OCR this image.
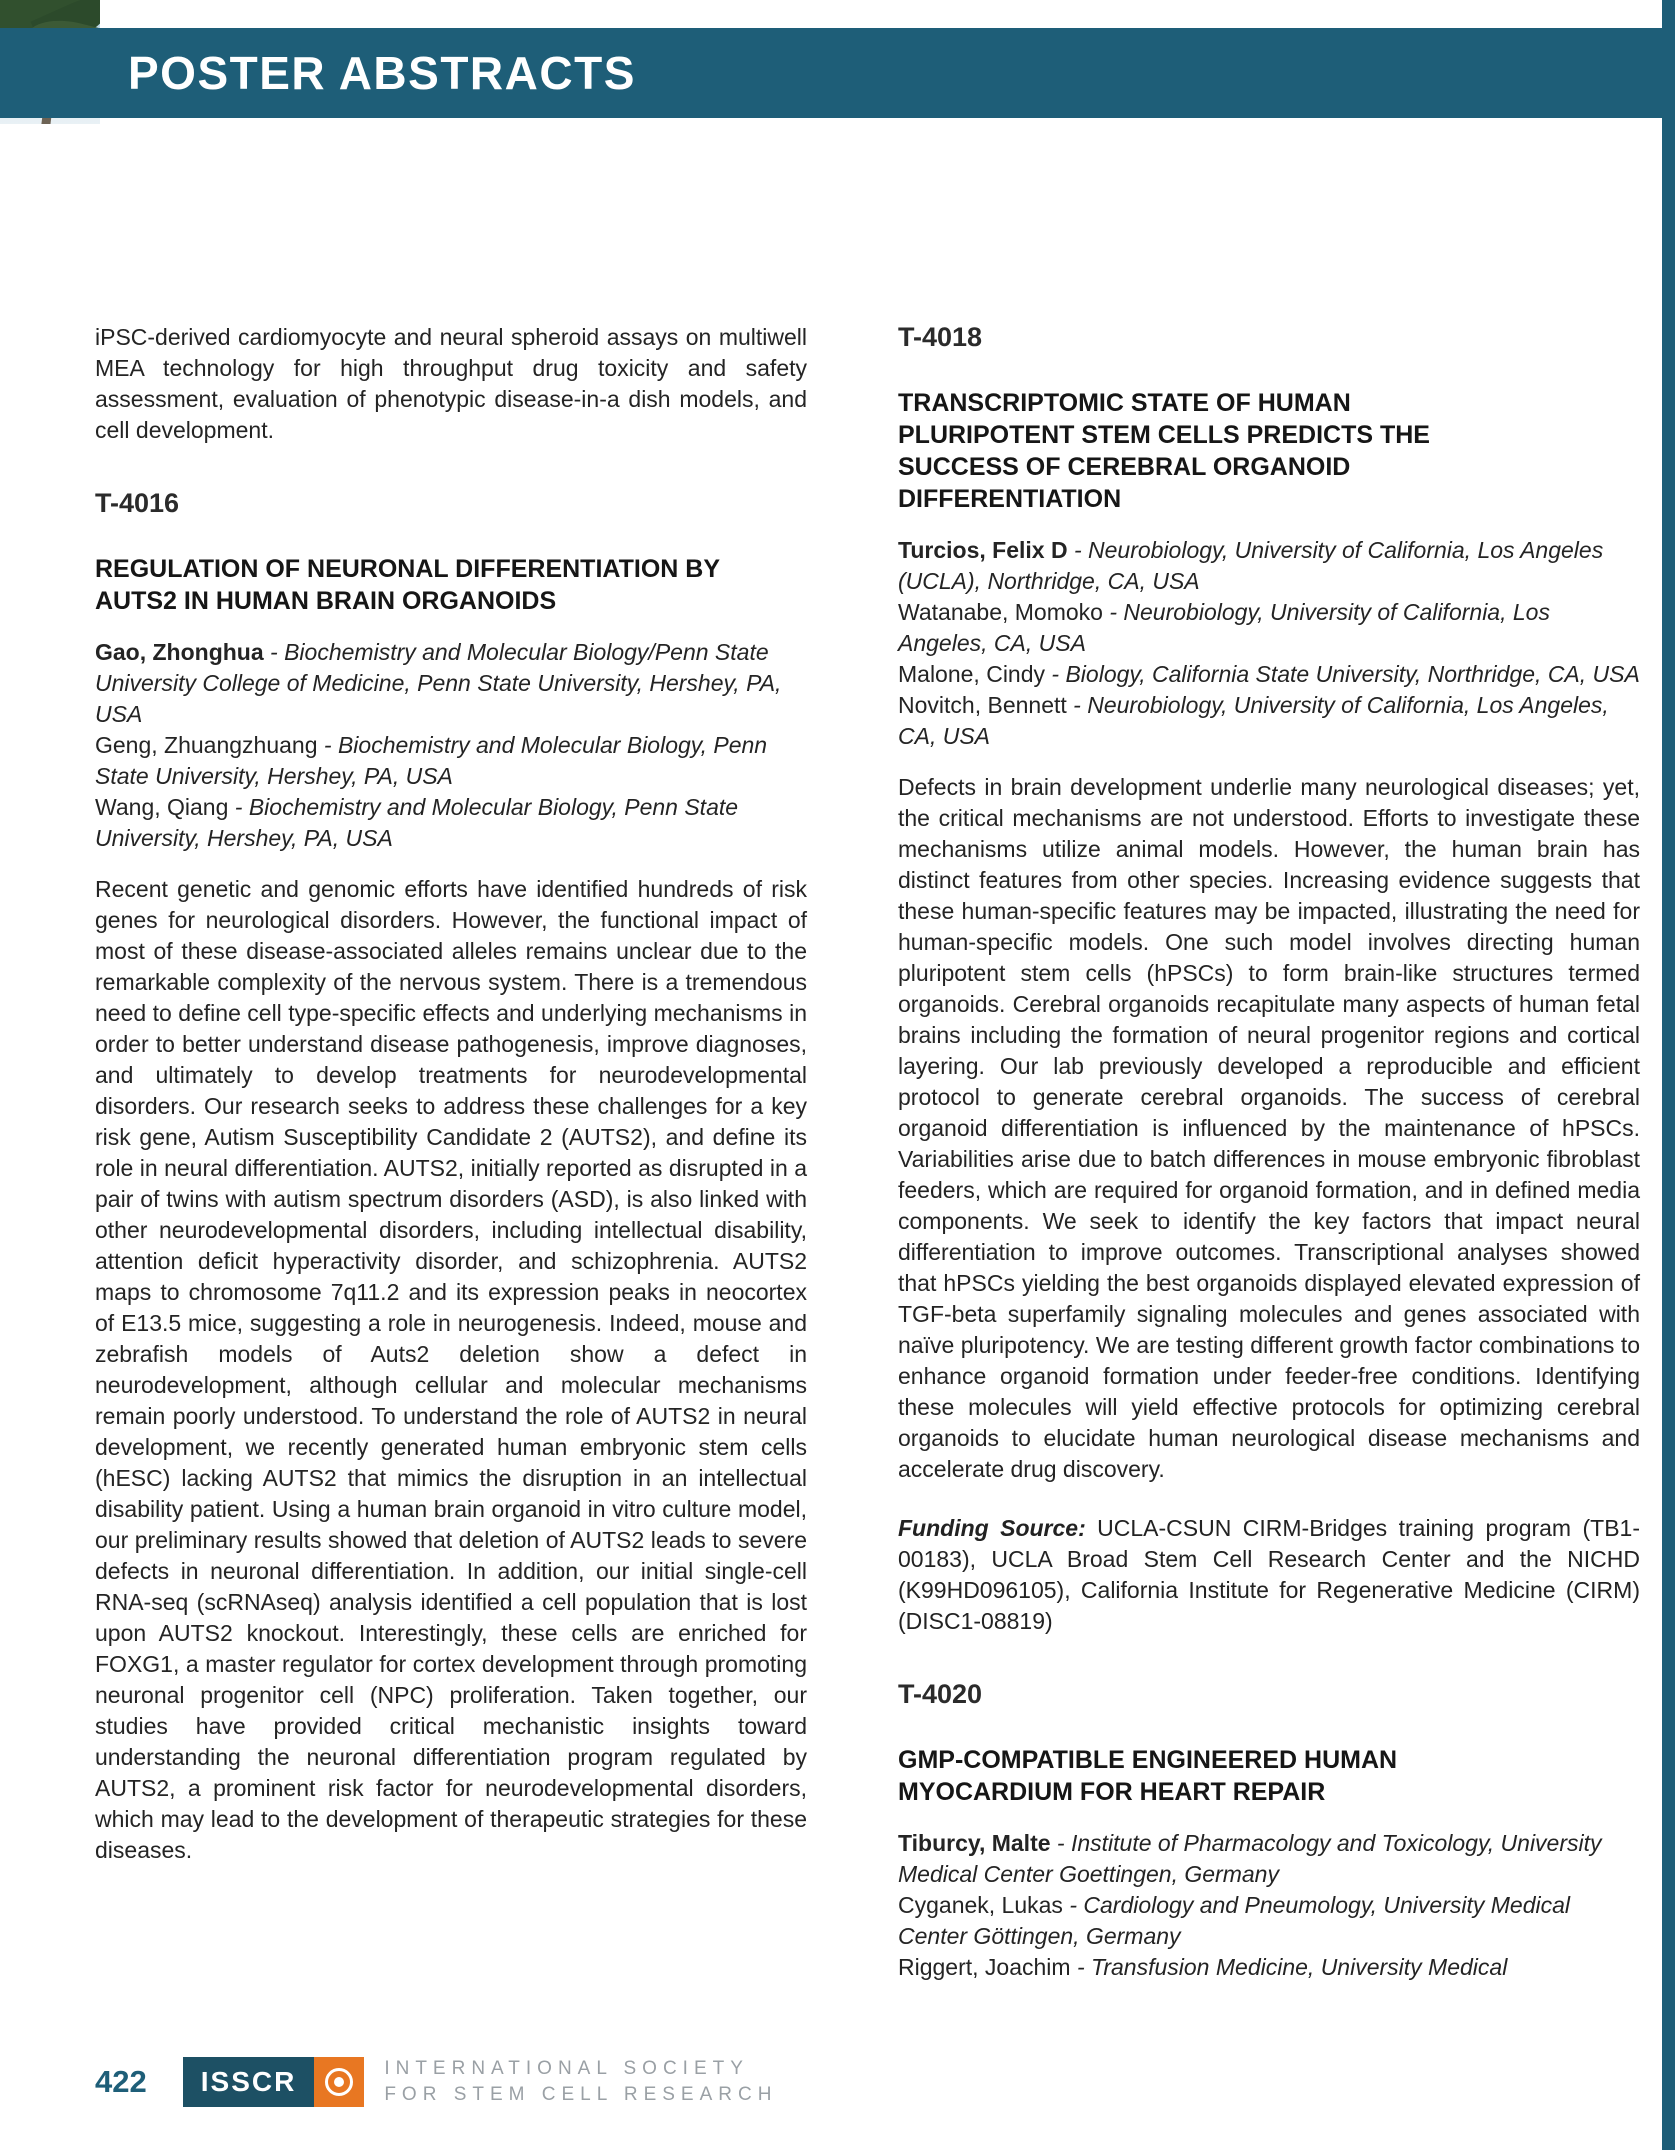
POSTER ABSTRACTS

iPSC-derived cardiomyocyte and neural spheroid assays on multiwell MEA technology for high throughput drug toxicity and safety assessment, evaluation of phenotypic disease-in-a dish models, and cell development.

T-4016
REGULATION OF NEURONAL DIFFERENTIATION BY AUTS2 IN HUMAN BRAIN ORGANOIDS
Gao, Zhonghua - Biochemistry and Molecular Biology/Penn State University College of Medicine, Penn State University, Hershey, PA, USA
Geng, Zhuangzhuang - Biochemistry and Molecular Biology, Penn State University, Hershey, PA, USA
Wang, Qiang - Biochemistry and Molecular Biology, Penn State University, Hershey, PA, USA

Recent genetic and genomic efforts have identified hundreds of risk genes for neurological disorders. However, the functional impact of most of these disease-associated alleles remains unclear due to the remarkable complexity of the nervous system. There is a tremendous need to define cell type-specific effects and underlying mechanisms in order to better understand disease pathogenesis, improve diagnoses, and ultimately to develop treatments for neurodevelopmental disorders. Our research seeks to address these challenges for a key risk gene, Autism Susceptibility Candidate 2 (AUTS2), and define its role in neural differentiation. AUTS2, initially reported as disrupted in a pair of twins with autism spectrum disorders (ASD), is also linked with other neurodevelopmental disorders, including intellectual disability, attention deficit hyperactivity disorder, and schizophrenia. AUTS2 maps to chromosome 7q11.2 and its expression peaks in neocortex of E13.5 mice, suggesting a role in neurogenesis. Indeed, mouse and zebrafish models of Auts2 deletion show a defect in neurodevelopment, although cellular and molecular mechanisms remain poorly understood. To understand the role of AUTS2 in neural development, we recently generated human embryonic stem cells (hESC) lacking AUTS2 that mimics the disruption in an intellectual disability patient. Using a human brain organoid in vitro culture model, our preliminary results showed that deletion of AUTS2 leads to severe defects in neuronal differentiation. In addition, our initial single-cell RNA-seq (scRNAseq) analysis identified a cell population that is lost upon AUTS2 knockout. Interestingly, these cells are enriched for FOXG1, a master regulator for cortex development through promoting neuronal progenitor cell (NPC) proliferation. Taken together, our studies have provided critical mechanistic insights toward understanding the neuronal differentiation program regulated by AUTS2, a prominent risk factor for neurodevelopmental disorders, which may lead to the development of therapeutic strategies for these diseases.

T-4018
TRANSCRIPTOMIC STATE OF HUMAN PLURIPOTENT STEM CELLS PREDICTS THE SUCCESS OF CEREBRAL ORGANOID DIFFERENTIATION
Turcios, Felix D - Neurobiology, University of California, Los Angeles (UCLA), Northridge, CA, USA
Watanabe, Momoko - Neurobiology, University of California, Los Angeles, CA, USA
Malone, Cindy - Biology, California State University, Northridge, CA, USA
Novitch, Bennett - Neurobiology, University of California, Los Angeles, CA, USA

Defects in brain development underlie many neurological diseases; yet, the critical mechanisms are not understood. Efforts to investigate these mechanisms utilize animal models. However, the human brain has distinct features from other species. Increasing evidence suggests that these human-specific features may be impacted, illustrating the need for human-specific models. One such model involves directing human pluripotent stem cells (hPSCs) to form brain-like structures termed organoids. Cerebral organoids recapitulate many aspects of human fetal brains including the formation of neural progenitor regions and cortical layering. Our lab previously developed a reproducible and efficient protocol to generate cerebral organoids. The success of cerebral organoid differentiation is influenced by the maintenance of hPSCs. Variabilities arise due to batch differences in mouse embryonic fibroblast feeders, which are required for organoid formation, and in defined media components. We seek to identify the key factors that impact neural differentiation to improve outcomes. Transcriptional analyses showed that hPSCs yielding the best organoids displayed elevated expression of TGF-beta superfamily signaling molecules and genes associated with naïve pluripotency. We are testing different growth factor combinations to enhance organoid formation under feeder-free conditions. Identifying these molecules will yield effective protocols for optimizing cerebral organoids to elucidate human neurological disease mechanisms and accelerate drug discovery.

Funding Source: UCLA-CSUN CIRM-Bridges training program (TB1-00183), UCLA Broad Stem Cell Research Center and the NICHD (K99HD096105), California Institute for Regenerative Medicine (CIRM) (DISC1-08819)

T-4020
GMP-COMPATIBLE ENGINEERED HUMAN MYOCARDIUM FOR HEART REPAIR
Tiburcy, Malte - Institute of Pharmacology and Toxicology, University Medical Center Goettingen, Germany
Cyganek, Lukas - Cardiology and Pneumology, University Medical Center Göttingen, Germany
Riggert, Joachim - Transfusion Medicine, University Medical
422	ISSCR	INTERNATIONAL SOCIETY
FOR STEM CELL RESEARCH
